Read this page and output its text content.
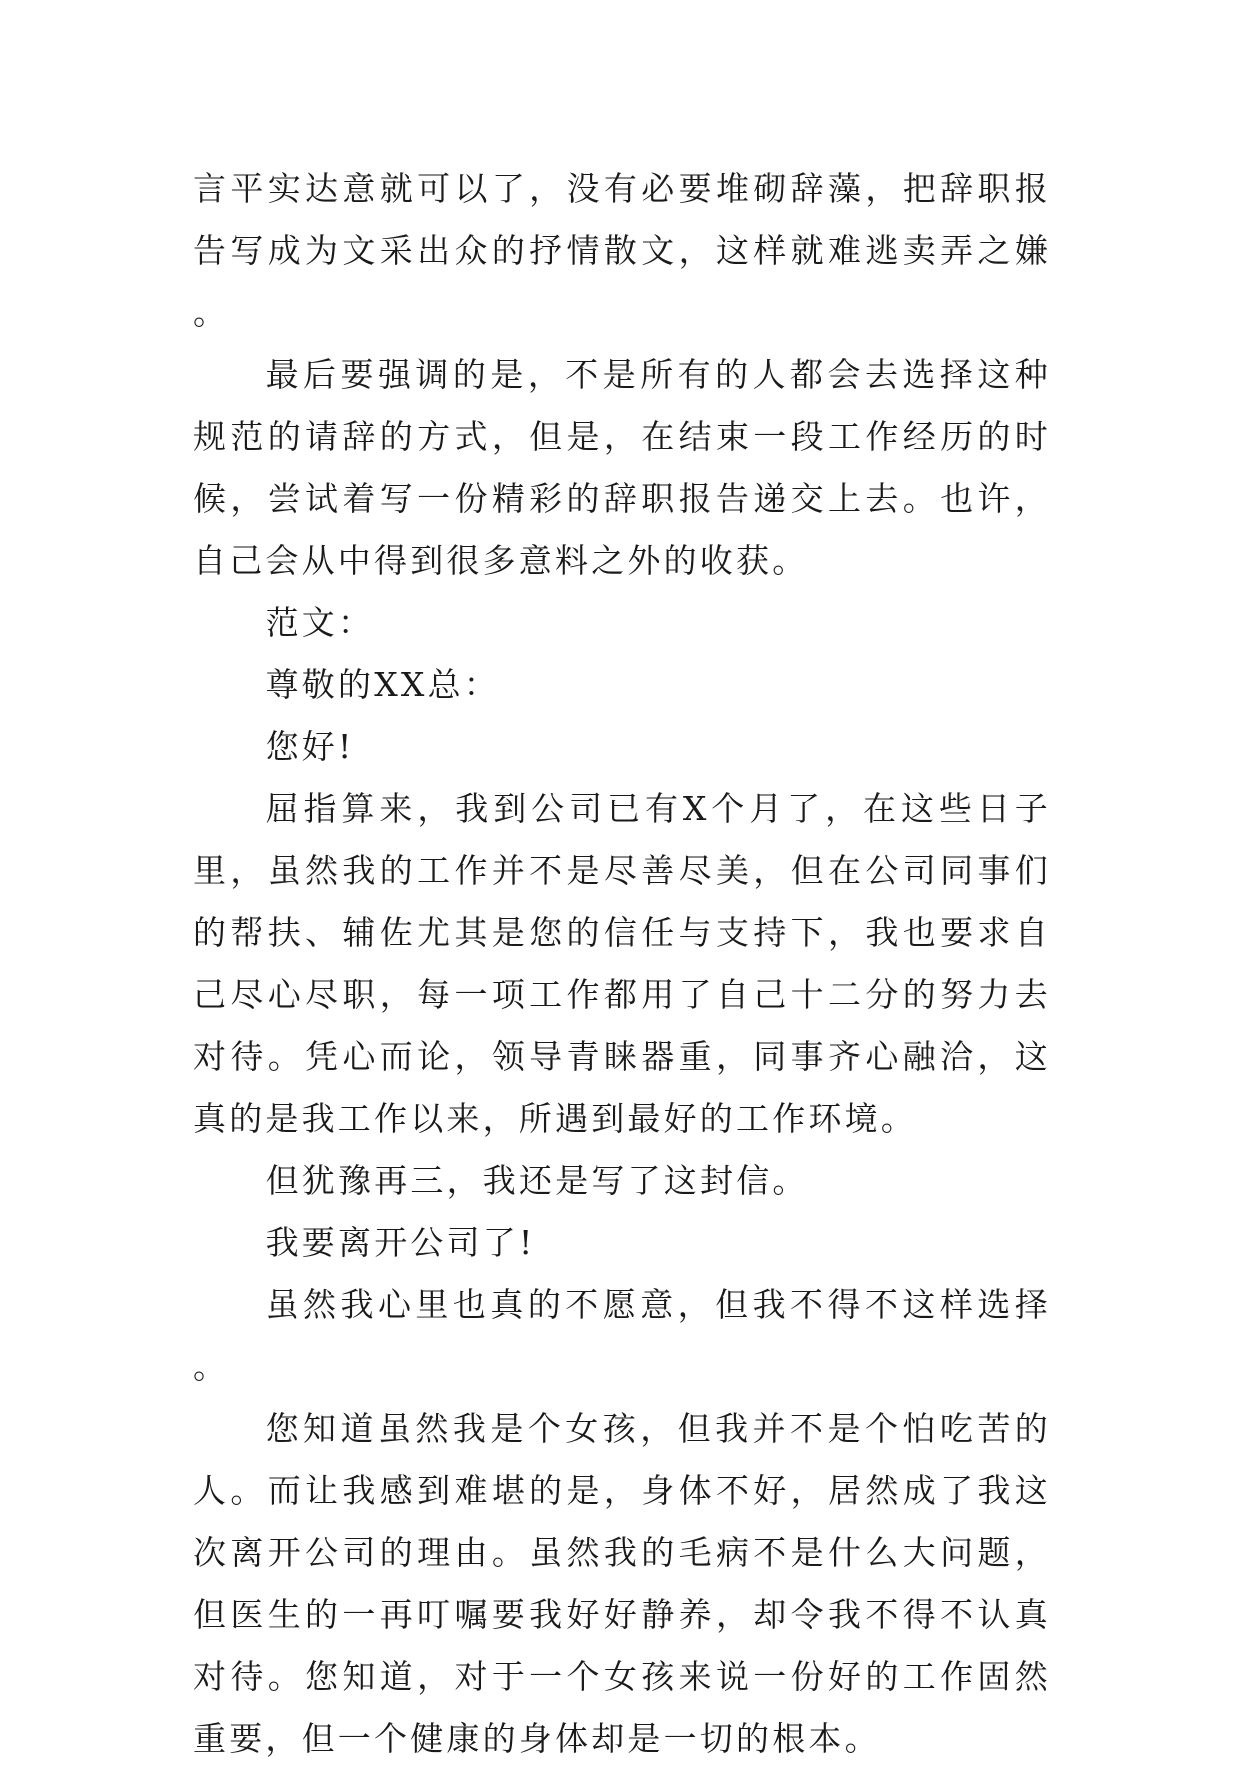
言平实达意就可以了，没有必要堆砌辞藻，把辞职报告写成为文采出众的抒情散文，这样就难逃卖弄之嫌。

最后要强调的是，不是所有的人都会去选择这种规范的请辞的方式，但是，在结束一段工作经历的时候，尝试着写一份精彩的辞职报告递交上去。也许，自己会从中得到很多意料之外的收获。

范文：

尊敬的XX总：

您好!

屈指算来，我到公司已有X个月了，在这些日子里，虽然我的工作并不是尽善尽美，但在公司同事们的帮扶、辅佐尤其是您的信任与支持下，我也要求自己尽心尽职，每一项工作都用了自己十二分的努力去对待。凭心而论，领导青睐器重，同事齐心融洽，这真的是我工作以来，所遇到最好的工作环境。

但犹豫再三，我还是写了这封信。

我要离开公司了!

虽然我心里也真的不愿意，但我不得不这样选择。

您知道虽然我是个女孩，但我并不是个怕吃苦的人。而让我感到难堪的是，身体不好，居然成了我这次离开公司的理由。虽然我的毛病不是什么大问题，但医生的一再叮嘱要我好好静养，却令我不得不认真对待。您知道，对于一个女孩来说一份好的工作固然重要，但一个健康的身体却是一切的根本。
